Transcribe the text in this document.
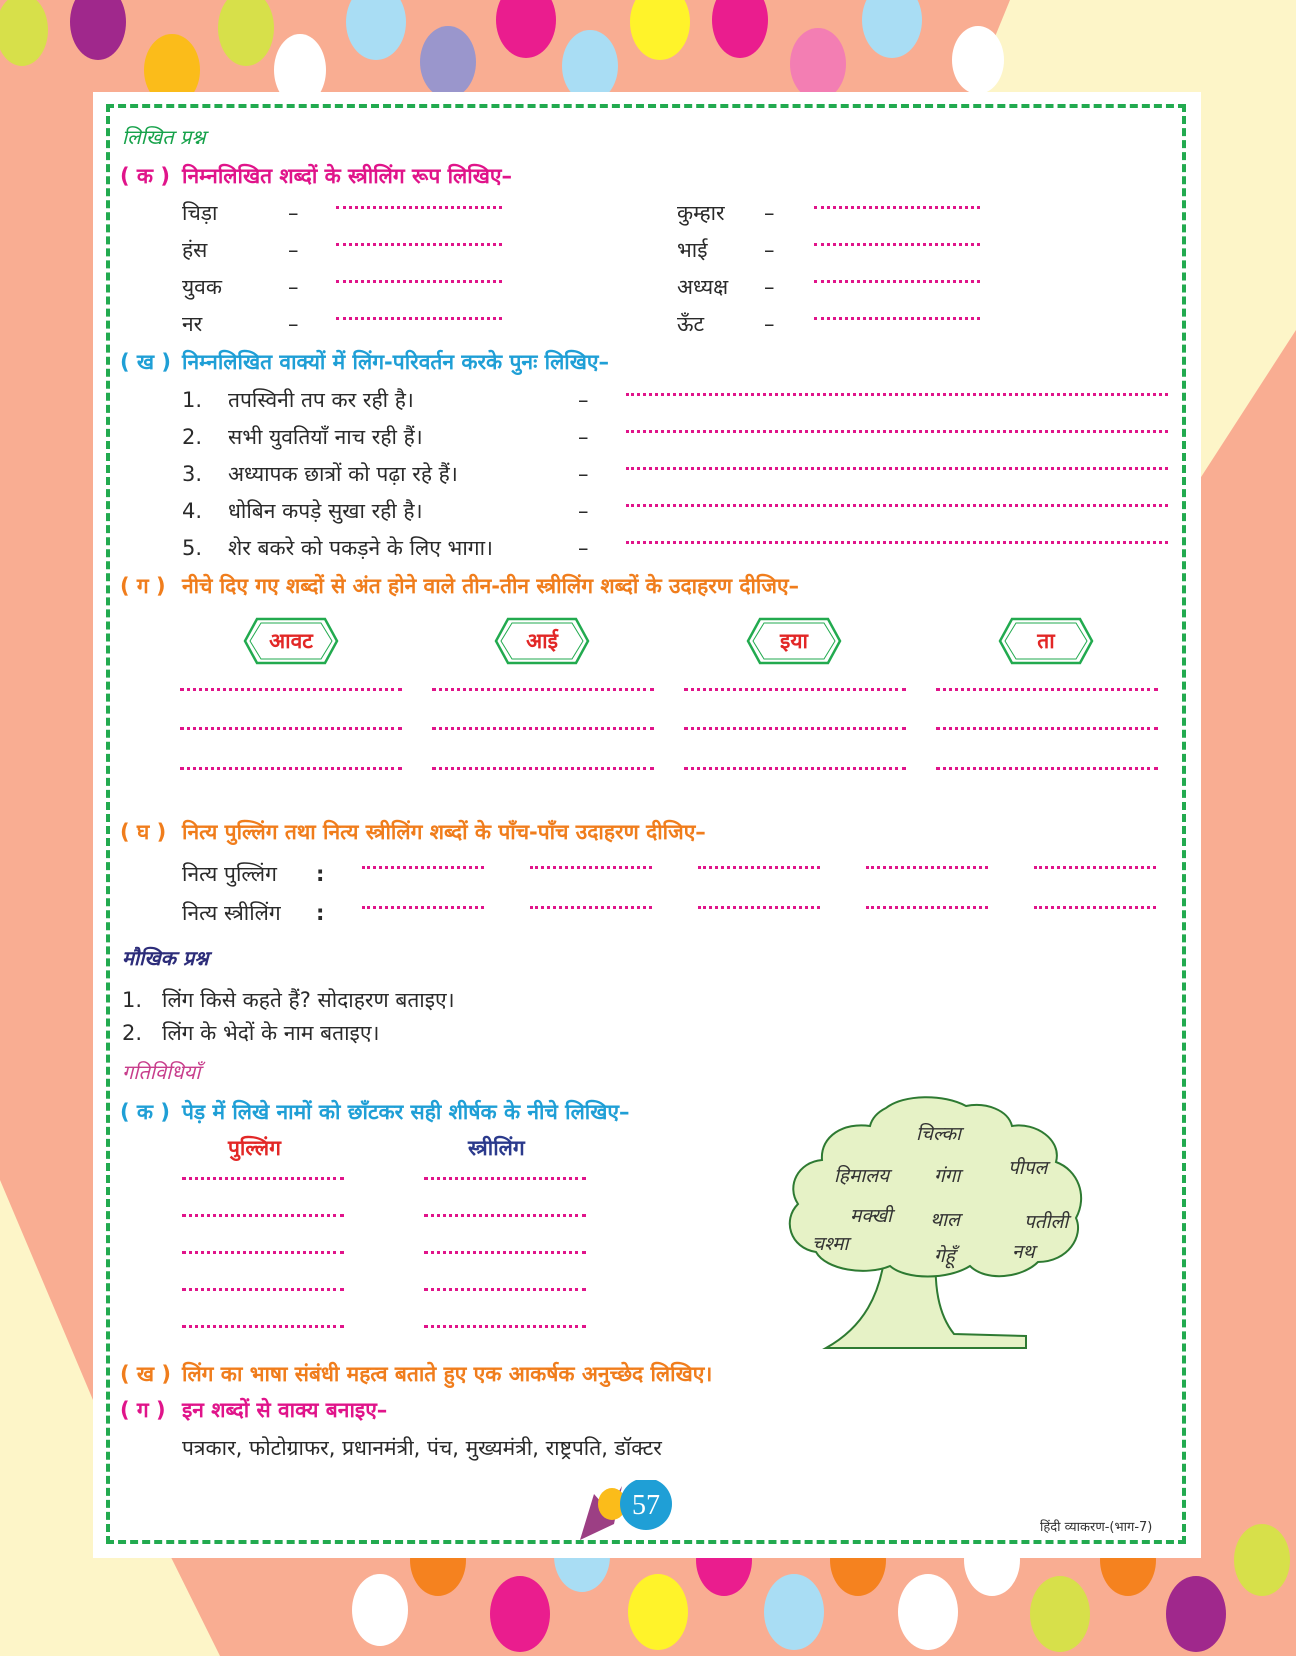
लिखित प्रश्न
( क ) निम्नलिखित शब्दों के स्त्रीलिंग रूप लिखिए–
चिड़ा	–	कुम्हार –
हंस	–	भाई	–
युवक	–	अध्यक्ष –
नर	–	ऊँट	–
( ख ) निम्नलिखित वाक्यों में लिंग-परिवर्तन करके पुनः लिखिए–
1. तपस्विनी तप कर रही है।	–
2. सभी युवतियाँ नाच रही हैं।	–
3. अध्यापक छात्रों को पढ़ा रहे हैं।	–
4. धोबिन कपड़े सुखा रही है।	–
5. शेर बकरे को पकड़ने के लिए भागा।	–
( ग ) नीचे दिए गए शब्दों से अंत होने वाले तीन-तीन स्त्रीलिंग शब्दों के उदाहरण दीजिए–
आवट	आई	इया	ता
( घ ) नित्य पुल्लिंग तथा नित्य स्त्रीलिंग शब्दों के पाँच-पाँच उदाहरण दीजिए–
नित्य पुल्लिंग :
नित्य स्त्रीलिंग :
मौखिक प्रश्न
1. लिंग किसे कहते हैं? सोदाहरण बताइए।
2. लिंग के भेदों के नाम बताइए।
गतिविधियाँ
( क ) पेड़ में लिखे नामों को छाँटकर सही शीर्षक के नीचे लिखिए–
पुल्लिंग	स्त्रीलिंग
चिल्का
हिमालय गंगा	पीपल
मक्खी थाल	पतीली
चश्मा
गेहूँ	नथ
( ख ) लिंग का भाषा संबंधी महत्व बताते हुए एक आकर्षक अनुच्छेद लिखिए।
( ग ) इन शब्दों से वाक्य बनाइए–
पत्रकार, फोटोग्राफर, प्रधानमंत्री, पंच, मुख्यमंत्री, राष्ट्रपति, डॉक्टर
57
हिंदी व्याकरण-(भाग-7)
